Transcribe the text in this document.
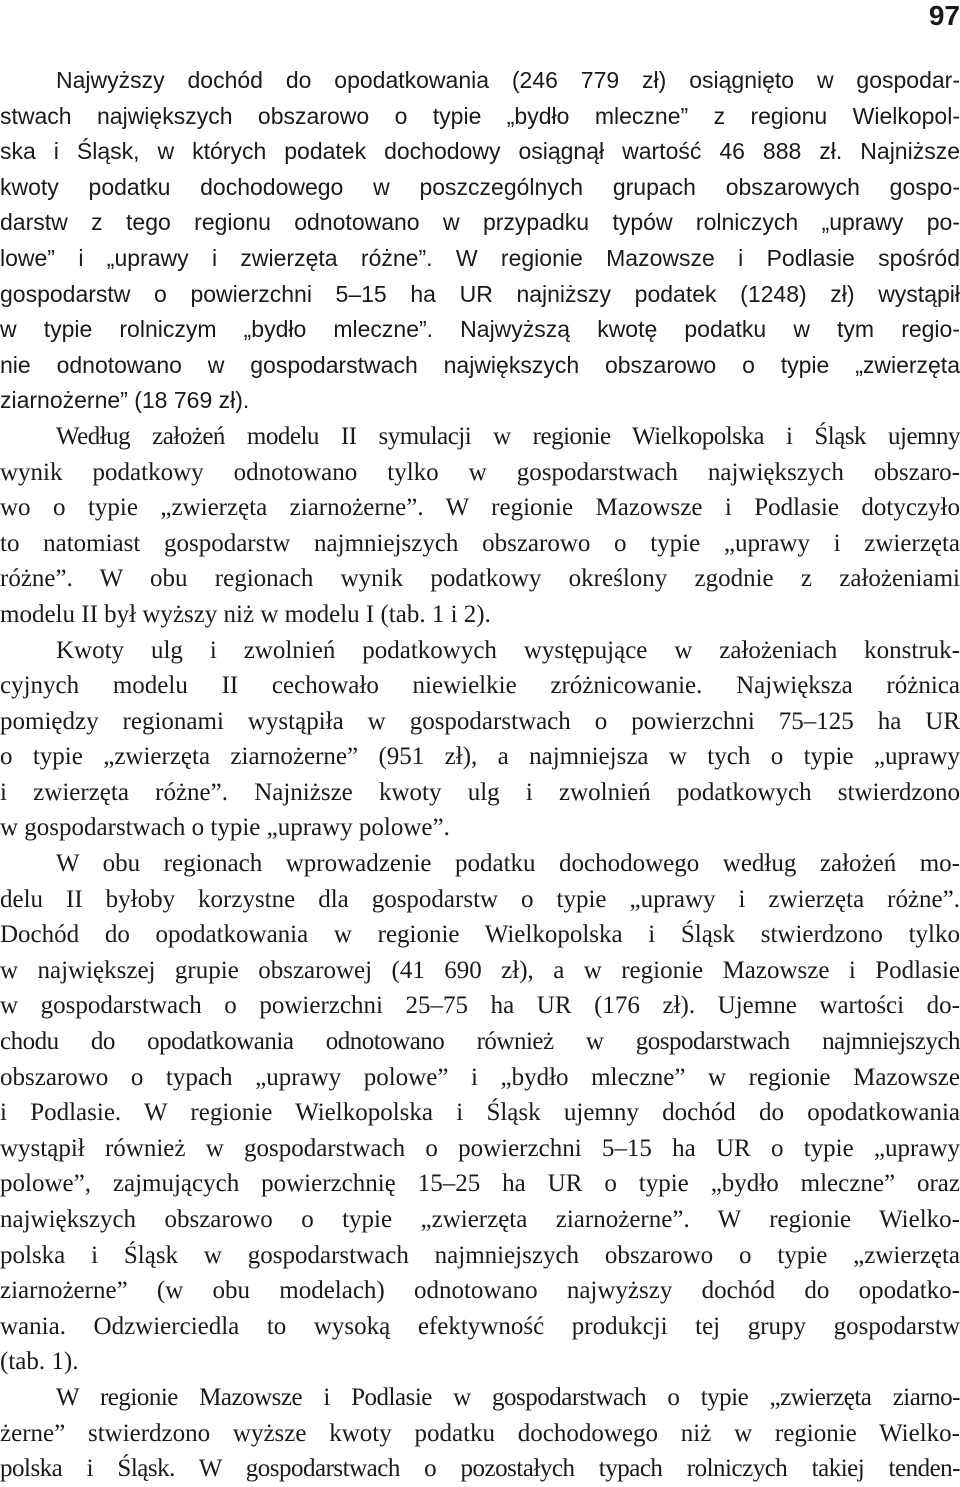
97
Najwyższy dochód do opodatkowania (246 779 zł) osiągnięto w gospodar-
stwach największych obszarowo o typie „bydło mleczne” z regionu Wielkopol-
ska i Śląsk, w których podatek dochodowy osiągnął wartość 46 888 zł. Najniższe
kwoty podatku dochodowego w poszczególnych grupach obszarowych gospo-
darstw z tego regionu odnotowano w przypadku typów rolniczych „uprawy po-
lowe” i „uprawy i zwierzęta różne”. W regionie Mazowsze i Podlasie spośród
gospodarstw o powierzchni 5–15 ha UR najniższy podatek (1248) zł) wystąpił
w typie rolniczym „bydło mleczne”. Najwyższą kwotę podatku w tym regio-
nie odnotowano w gospodarstwach największych obszarowo o typie „zwierzęta
ziarnożerne” (18 769 zł).
Według założeń modelu II symulacji w regionie Wielkopolska i Śląsk ujemny
wynik podatkowy odnotowano tylko w gospodarstwach największych obszaro-
wo o typie „zwierzęta ziarnożerne”. W regionie Mazowsze i Podlasie dotyczyło
to natomiast gospodarstw najmniejszych obszarowo o typie „uprawy i zwierzęta
różne”. W obu regionach wynik podatkowy określony zgodnie z założeniami
modelu II był wyższy niż w modelu I (tab. 1 i 2).
Kwoty ulg i zwolnień podatkowych występujące w założeniach konstruk-
cyjnych modelu II cechowało niewielkie zróżnicowanie. Największa różnica
pomiędzy regionami wystąpiła w gospodarstwach o powierzchni 75–125 ha UR
o typie „zwierzęta ziarnożerne” (951 zł), a najmniejsza w tych o typie „uprawy
i zwierzęta różne”. Najniższe kwoty ulg i zwolnień podatkowych stwierdzono
w gospodarstwach o typie „uprawy polowe”.
W obu regionach wprowadzenie podatku dochodowego według założeń mo-
delu II byłoby korzystne dla gospodarstw o typie „uprawy i zwierzęta różne”.
Dochód do opodatkowania w regionie Wielkopolska i Śląsk stwierdzono tylko
w największej grupie obszarowej (41 690 zł), a w regionie Mazowsze i Podlasie
w gospodarstwach o powierzchni 25–75 ha UR (176 zł). Ujemne wartości do-
chodu do opodatkowania odnotowano również w gospodarstwach najmniejszych
obszarowo o typach „uprawy polowe” i „bydło mleczne” w regionie Mazowsze
i Podlasie. W regionie Wielkopolska i Śląsk ujemny dochód do opodatkowania
wystąpił również w gospodarstwach o powierzchni 5–15 ha UR o typie „uprawy
polowe”, zajmujących powierzchnię 15–25 ha UR o typie „bydło mleczne” oraz
największych obszarowo o typie „zwierzęta ziarnożerne”. W regionie Wielko-
polska i Śląsk w gospodarstwach najmniejszych obszarowo o typie „zwierzęta
ziarnożerne” (w obu modelach) odnotowano najwyższy dochód do opodatko-
wania. Odzwierciedla to wysoką efektywność produkcji tej grupy gospodarstw
(tab. 1).
W regionie Mazowsze i Podlasie w gospodarstwach o typie „zwierzęta ziarno-
żerne” stwierdzono wyższe kwoty podatku dochodowego niż w regionie Wielko-
polska i Śląsk. W gospodarstwach o pozostałych typach rolniczych takiej tenden-
